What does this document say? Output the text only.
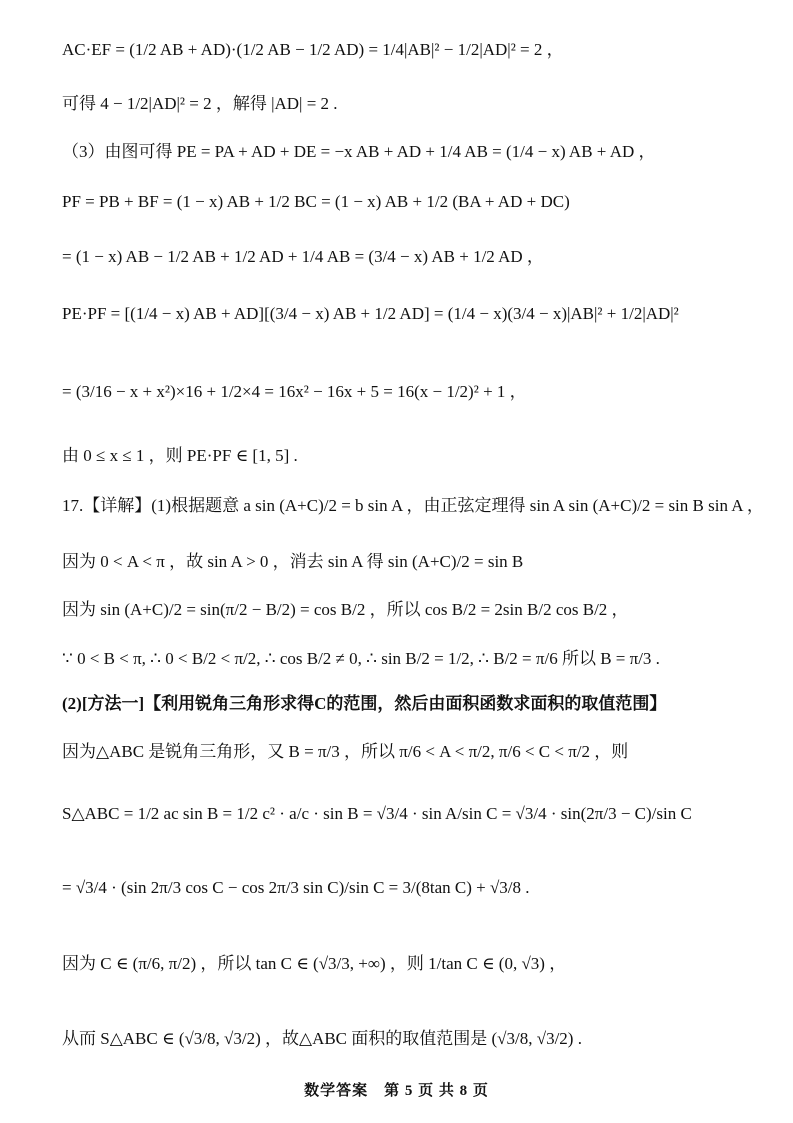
AC·EF = (1/2 AB + AD)·(1/2 AB − 1/2 AD) = 1/4|AB|² − 1/2|AD|² = 2 ，
可得 4 − 1/2|AD|² = 2 ，解得 |AD| = 2 .
（3）由图可得 PE = PA + AD + DE = −x AB + AD + 1/4 AB = (1/4 − x) AB + AD ，
PF = PB + BF = (1 − x) AB + 1/2 BC = (1 − x) AB + 1/2 (BA + AD + DC)
= (1 − x) AB − 1/2 AB + 1/2 AD + 1/4 AB = (3/4 − x) AB + 1/2 AD ，
PE·PF = [(1/4 − x) AB + AD][(3/4 − x) AB + 1/2 AD] = (1/4 − x)(3/4 − x)|AB|² + 1/2|AD|²
= (3/16 − x + x²)×16 + 1/2×4 = 16x² − 16x + 5 = 16(x − 1/2)² + 1 ，
由 0 ≤ x ≤ 1 ，则 PE·PF ∈ [1, 5] .
17.【详解】(1)根据题意 a sin (A+C)/2 = b sin A ，由正弦定理得 sin A sin (A+C)/2 = sin B sin A ，
因为 0 < A < π ，故 sin A > 0 ，消去 sin A 得 sin (A+C)/2 = sin B
因为 sin (A+C)/2 = sin(π/2 − B/2) = cos B/2 ，所以 cos B/2 = 2sin B/2 cos B/2 ，
∵ 0 < B < π, ∴ 0 < B/2 < π/2, ∴ cos B/2 ≠ 0, ∴ sin B/2 = 1/2, ∴ B/2 = π/6 所以 B = π/3 .
(2)[方法一]【利用锐角三角形求得C的范围，然后由面积函数求面积的取值范围】
因为△ABC 是锐角三角形，又 B = π/3 ，所以 π/6 < A < π/2, π/6 < C < π/2 ，则
S△ABC = 1/2 ac sin B = 1/2 c² · a/c · sin B = √3/4 · sin A/sin C = √3/4 · sin(2π/3 − C)/sin C
= √3/4 · (sin 2π/3 cos C − cos 2π/3 sin C)/sin C = 3/(8tan C) + √3/8 .
因为 C ∈ (π/6, π/2) ，所以 tan C ∈ (√3/3, +∞) ，则 1/tan C ∈ (0, √3) ，
从而 S△ABC ∈ (√3/8, √3/2) ，故△ABC 面积的取值范围是 (√3/8, √3/2) .
数学答案　第 5 页 共 8 页
